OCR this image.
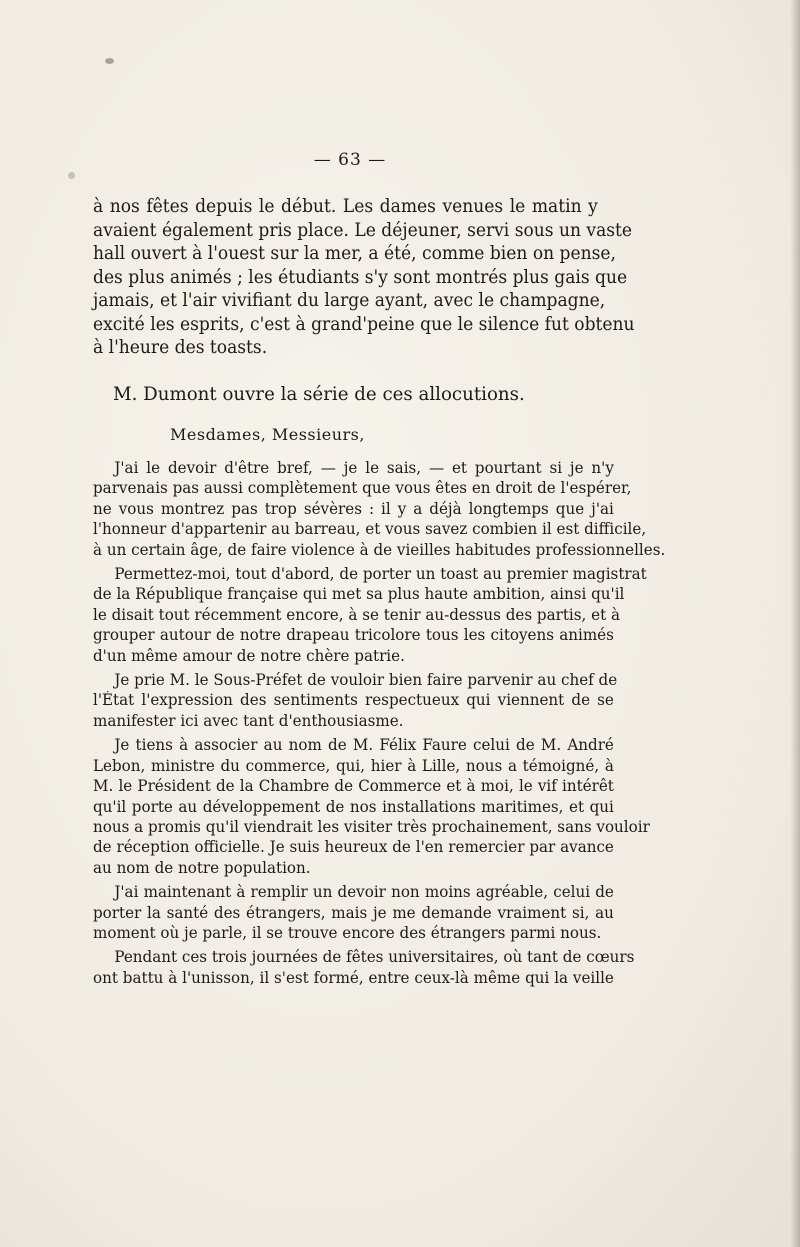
— 63 —
à nos fêtes depuis le début. Les dames venues le matin y
avaient également pris place. Le déjeuner, servi sous un vaste
hall ouvert à l'ouest sur la mer, a été, comme bien on pense,
des plus animés ; les étudiants s'y sont montrés plus gais que
jamais, et l'air vivifiant du large ayant, avec le champagne,
excité les esprits, c'est à grand'peine que le silence fut obtenu
à l'heure des toasts.
M. Dumont ouvre la série de ces allocutions.
Mesdames, Messieurs,
J'ai le devoir d'être bref, — je le sais, — et pourtant si je n'y
parvenais pas aussi complètement que vous êtes en droit de l'espérer,
ne vous montrez pas trop sévères : il y a déjà longtemps que j'ai
l'honneur d'appartenir au barreau, et vous savez combien il est difficile,
à un certain âge, de faire violence à de vieilles habitudes professionnelles.
Permettez-moi, tout d'abord, de porter un toast au premier magistrat
de la République française qui met sa plus haute ambition, ainsi qu'il
le disait tout récemment encore, à se tenir au-dessus des partis, et à
grouper autour de notre drapeau tricolore tous les citoyens animés
d'un même amour de notre chère patrie.
Je prie M. le Sous-Préfet de vouloir bien faire parvenir au chef de
l'État l'expression des sentiments respectueux qui viennent de se
manifester ici avec tant d'enthousiasme.
Je tiens à associer au nom de M. Félix Faure celui de M. André
Lebon, ministre du commerce, qui, hier à Lille, nous a témoigné, à
M. le Président de la Chambre de Commerce et à moi, le vif intérêt
qu'il porte au développement de nos installations maritimes, et qui
nous a promis qu'il viendrait les visiter très prochainement, sans vouloir
de réception officielle. Je suis heureux de l'en remercier par avance
au nom de notre population.
J'ai maintenant à remplir un devoir non moins agréable, celui de
porter la santé des étrangers, mais je me demande vraiment si, au
moment où je parle, il se trouve encore des étrangers parmi nous.
Pendant ces trois journées de fêtes universitaires, où tant de cœurs
ont battu à l'unisson, il s'est formé, entre ceux-là même qui la veille
